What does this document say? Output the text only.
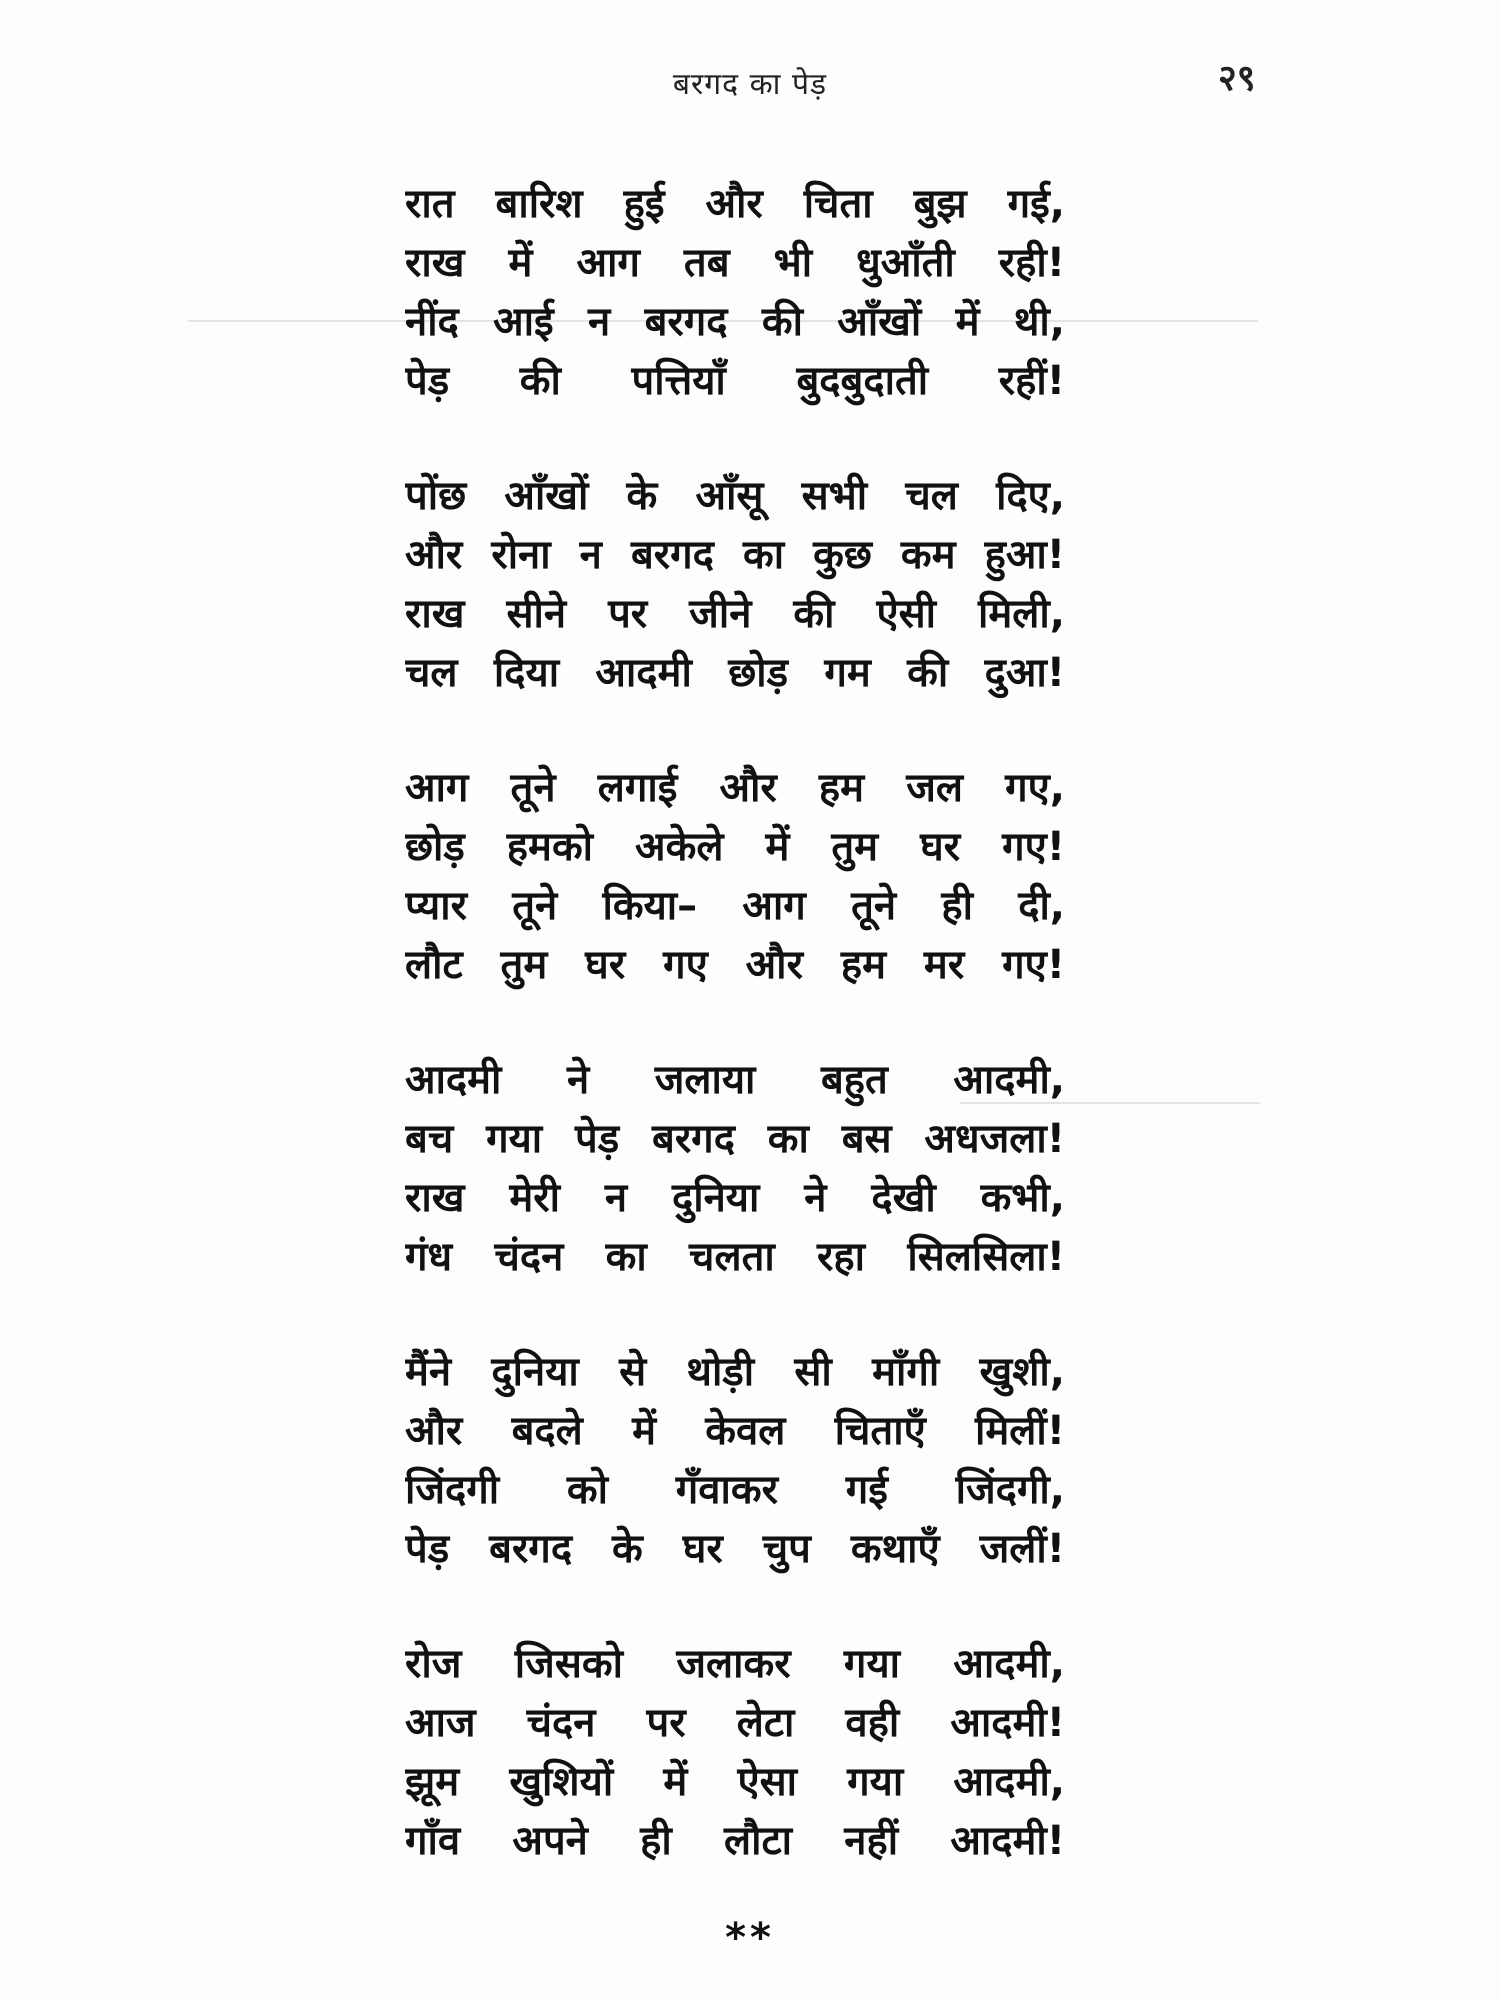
बरगद का पेड़	२९
रात बारिश हुई और चिता बुझ गई,
राख में आग तब भी धुआँती रही!
नींद आई न बरगद की आँखों में थी,
पेड़ की पत्तियाँ बुदबुदाती रहीं!
पोंछ आँखों के आँसू सभी चल दिए,
और रोना न बरगद का कुछ कम हुआ!
राख सीने पर जीने की ऐसी मिली,
चल दिया आदमी छोड़ गम की दुआ!
आग तूने लगाई और हम जल गए,
छोड़ हमको अकेले में तुम घर गए!
प्यार तूने किया– आग तूने ही दी,
लौट तुम घर गए और हम मर गए!
आदमी ने जलाया बहुत आदमी,
बच गया पेड़ बरगद का बस अधजला!
राख मेरी न दुनिया ने देखी कभी,
गंध चंदन का चलता रहा सिलसिला!
मैंने दुनिया से थोड़ी सी माँगी खुशी,
और बदले में केवल चिताएँ मिलीं!
जिंदगी को गँवाकर गई जिंदगी,
पेड़ बरगद के घर चुप कथाएँ जलीं!
रोज जिसको जलाकर गया आदमी,
आज चंदन पर लेटा वही आदमी!
झूम खुशियों में ऐसा गया आदमी,
गाँव अपने ही लौटा नहीं आदमी!
**
